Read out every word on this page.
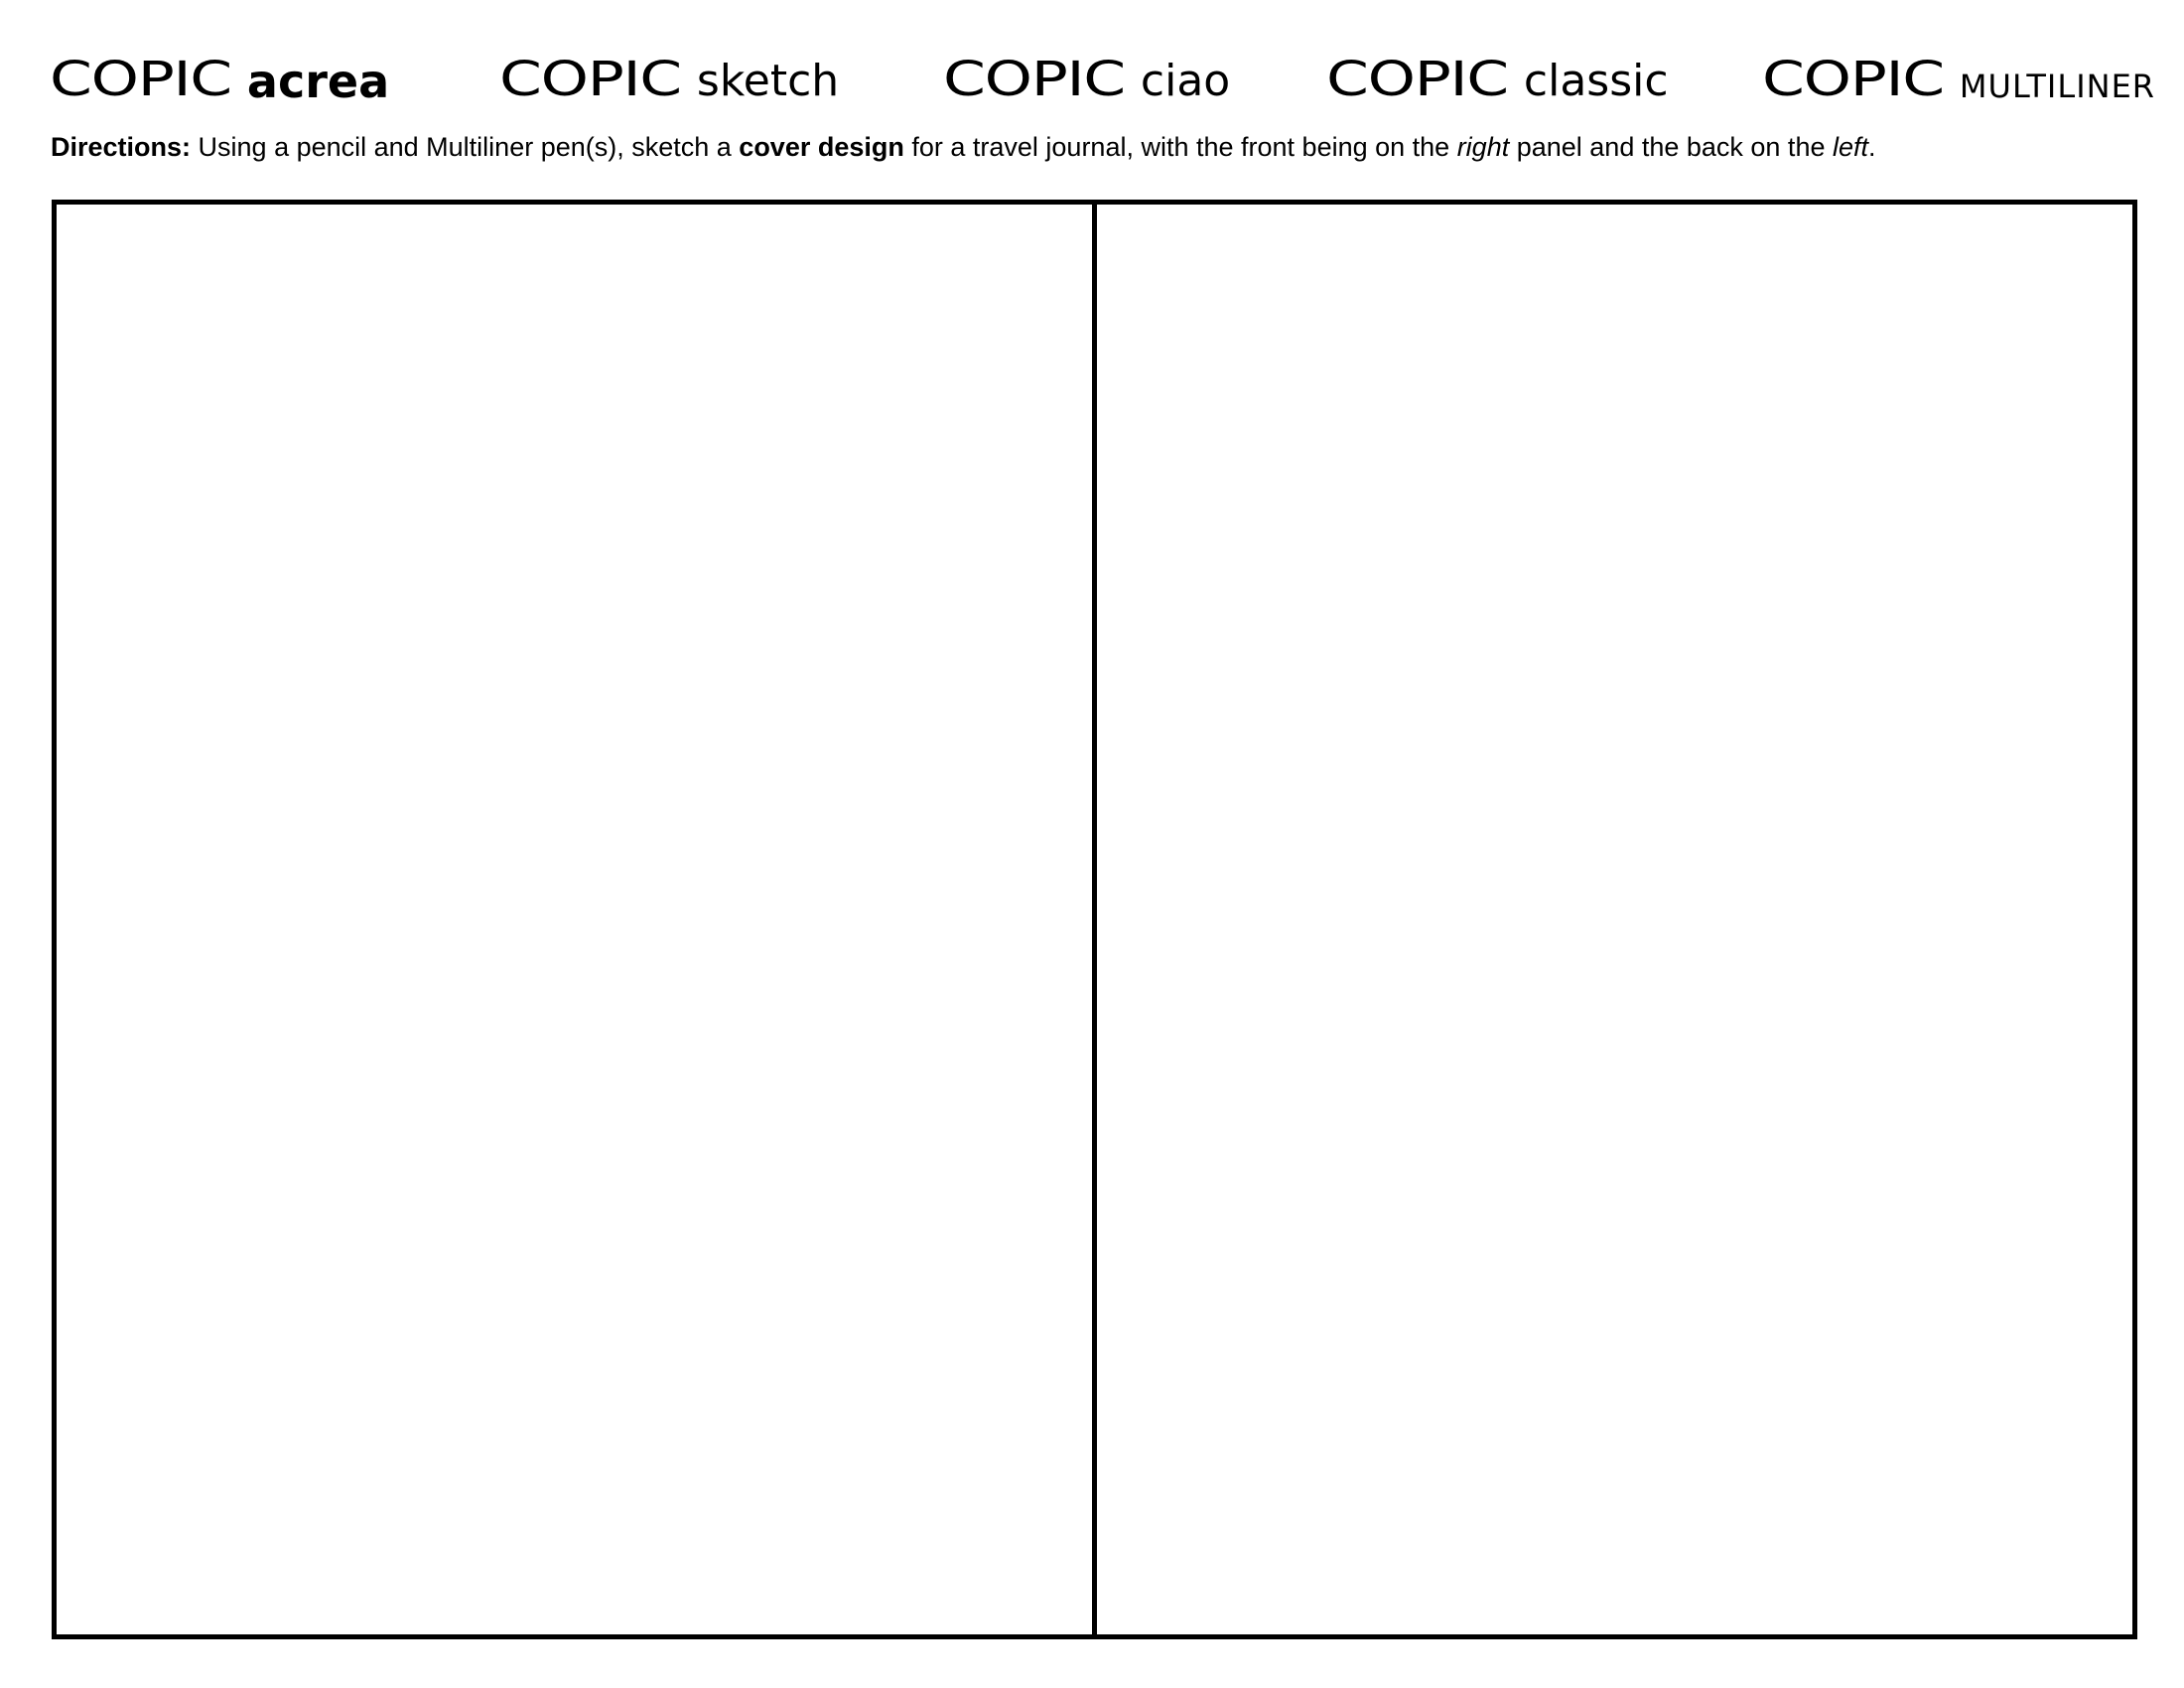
COPIC acrea COPIC sketch COPIC ciao COPIC classic COPIC MULTILINER
Directions: Using a pencil and Multiliner pen(s), sketch a cover design for a travel journal, with the front being on the right panel and the back on the left.
